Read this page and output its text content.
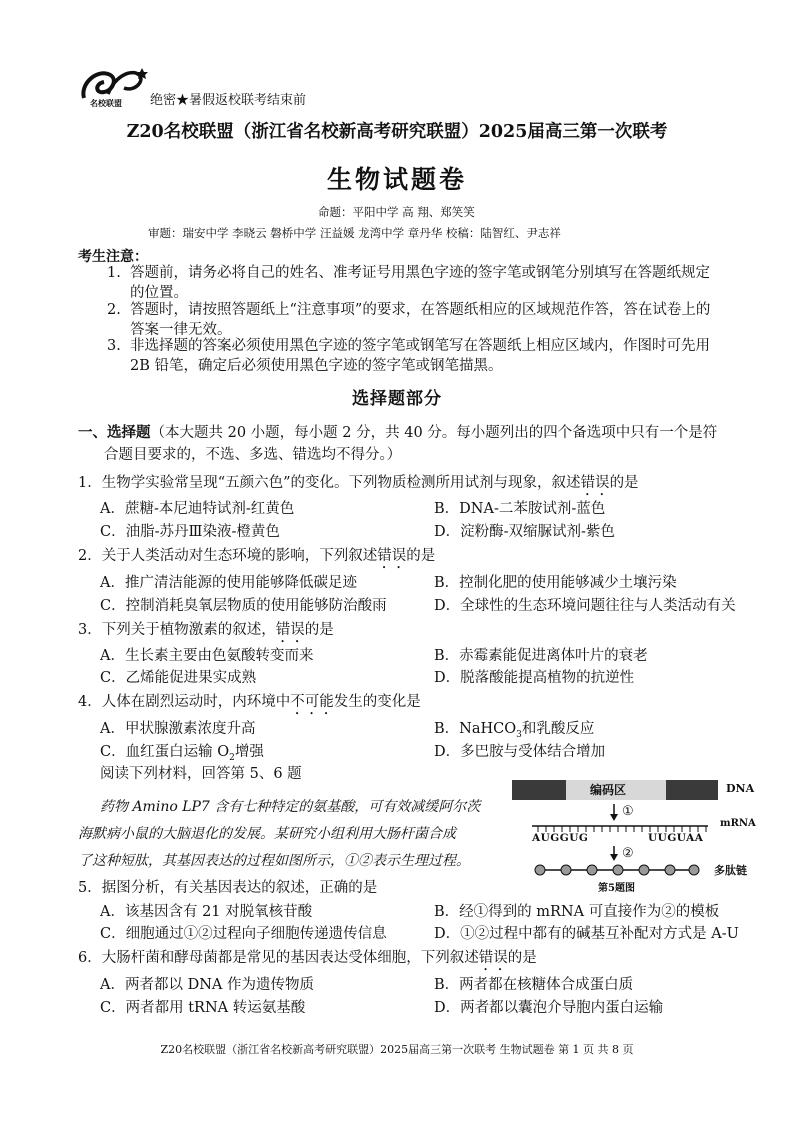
名校联盟 绝密★暑假返校联考结束前
Z20名校联盟（浙江省名校新高考研究联盟）2025届高三第一次联考
生物试题卷
命题：平阳中学 高 翔、郑笑笑
审题：瑞安中学 李晓云 磐桥中学 汪益媛 龙湾中学 章丹华 校稿：陆智红、尹志祥
考生注意：
1. 答题前，请务必将自己的姓名、准考证号用黑色字迹的签字笔或钢笔分别填写在答题纸规定
的位置。
2. 答题时，请按照答题纸上“注意事项”的要求，在答题纸相应的区域规范作答，答在试卷上的
答案一律无效。
3. 非选择题的答案必须使用黑色字迹的签字笔或钢笔写在答题纸上相应区域内，作图时可先用
2B 铅笔，确定后必须使用黑色字迹的签字笔或钢笔描黑。
选择题部分
一、选择题（本大题共 20 小题，每小题 2 分，共 40 分。每小题列出的四个备选项中只有一个是符
合题目要求的，不选、多选、错选均不得分。）
1．生物学实验常呈现“五颜六色”的变化。下列物质检测所用试剂与现象，叙述错误的是
A．蔗糖-本尼迪特试剂-红黄色	B．DNA-二苯胺试剂-蓝色
C．油脂-苏丹Ⅲ染液-橙黄色	D．淀粉酶-双缩脲试剂-紫色
2．关于人类活动对生态环境的影响，下列叙述错误的是
A．推广清洁能源的使用能够降低碳足迹	B．控制化肥的使用能够减少土壤污染
C．控制消耗臭氧层物质的使用能够防治酸雨	D．全球性的生态环境问题往往与人类活动有关
3．下列关于植物激素的叙述，错误的是
A．生长素主要由色氨酸转变而来	B．赤霉素能促进离体叶片的衰老
C．乙烯能促进果实成熟	D．脱落酸能提高植物的抗逆性
4．人体在剧烈运动时，内环境中不可能发生的变化是
A．甲状腺激素浓度升高	B．NaHCO$_3$和乳酸反应
C．血红蛋白运输 $O_2$增强	D．多巴胺与受体结合增加
阅读下列材料，回答第 5、6 题
药物 Amino LP7 含有七种特定的氨基酸，可有效减缓阿尔茨
海默病小鼠的大脑退化的发展。某研究小组利用大肠杆菌合成
了这种短肽，其基因表达的过程如图所示，①②表示生理过程。
编码区	DNA
①
mRNA
AUGGUG	UUGUAA
②
多肽链
第5题图
5．据图分析，有关基因表达的叙述，正确的是
A．该基因含有 21 对脱氧核苷酸	B．经①得到的 mRNA 可直接作为②的模板
C．细胞通过①②过程向子细胞传递遗传信息	D．①②过程中都有的碱基互补配对方式是 A-U
6．大肠杆菌和酵母菌都是常见的基因表达受体细胞，下列叙述错误的是
A．两者都以 DNA 作为遗传物质	B．两者都在核糖体合成蛋白质
C．两者都用 tRNA 转运氨基酸	D．两者都以囊泡介导胞内蛋白运输
Z20名校联盟（浙江省名校新高考研究联盟）2025届高三第一次联考 生物试题卷 第 1 页 共 8 页
